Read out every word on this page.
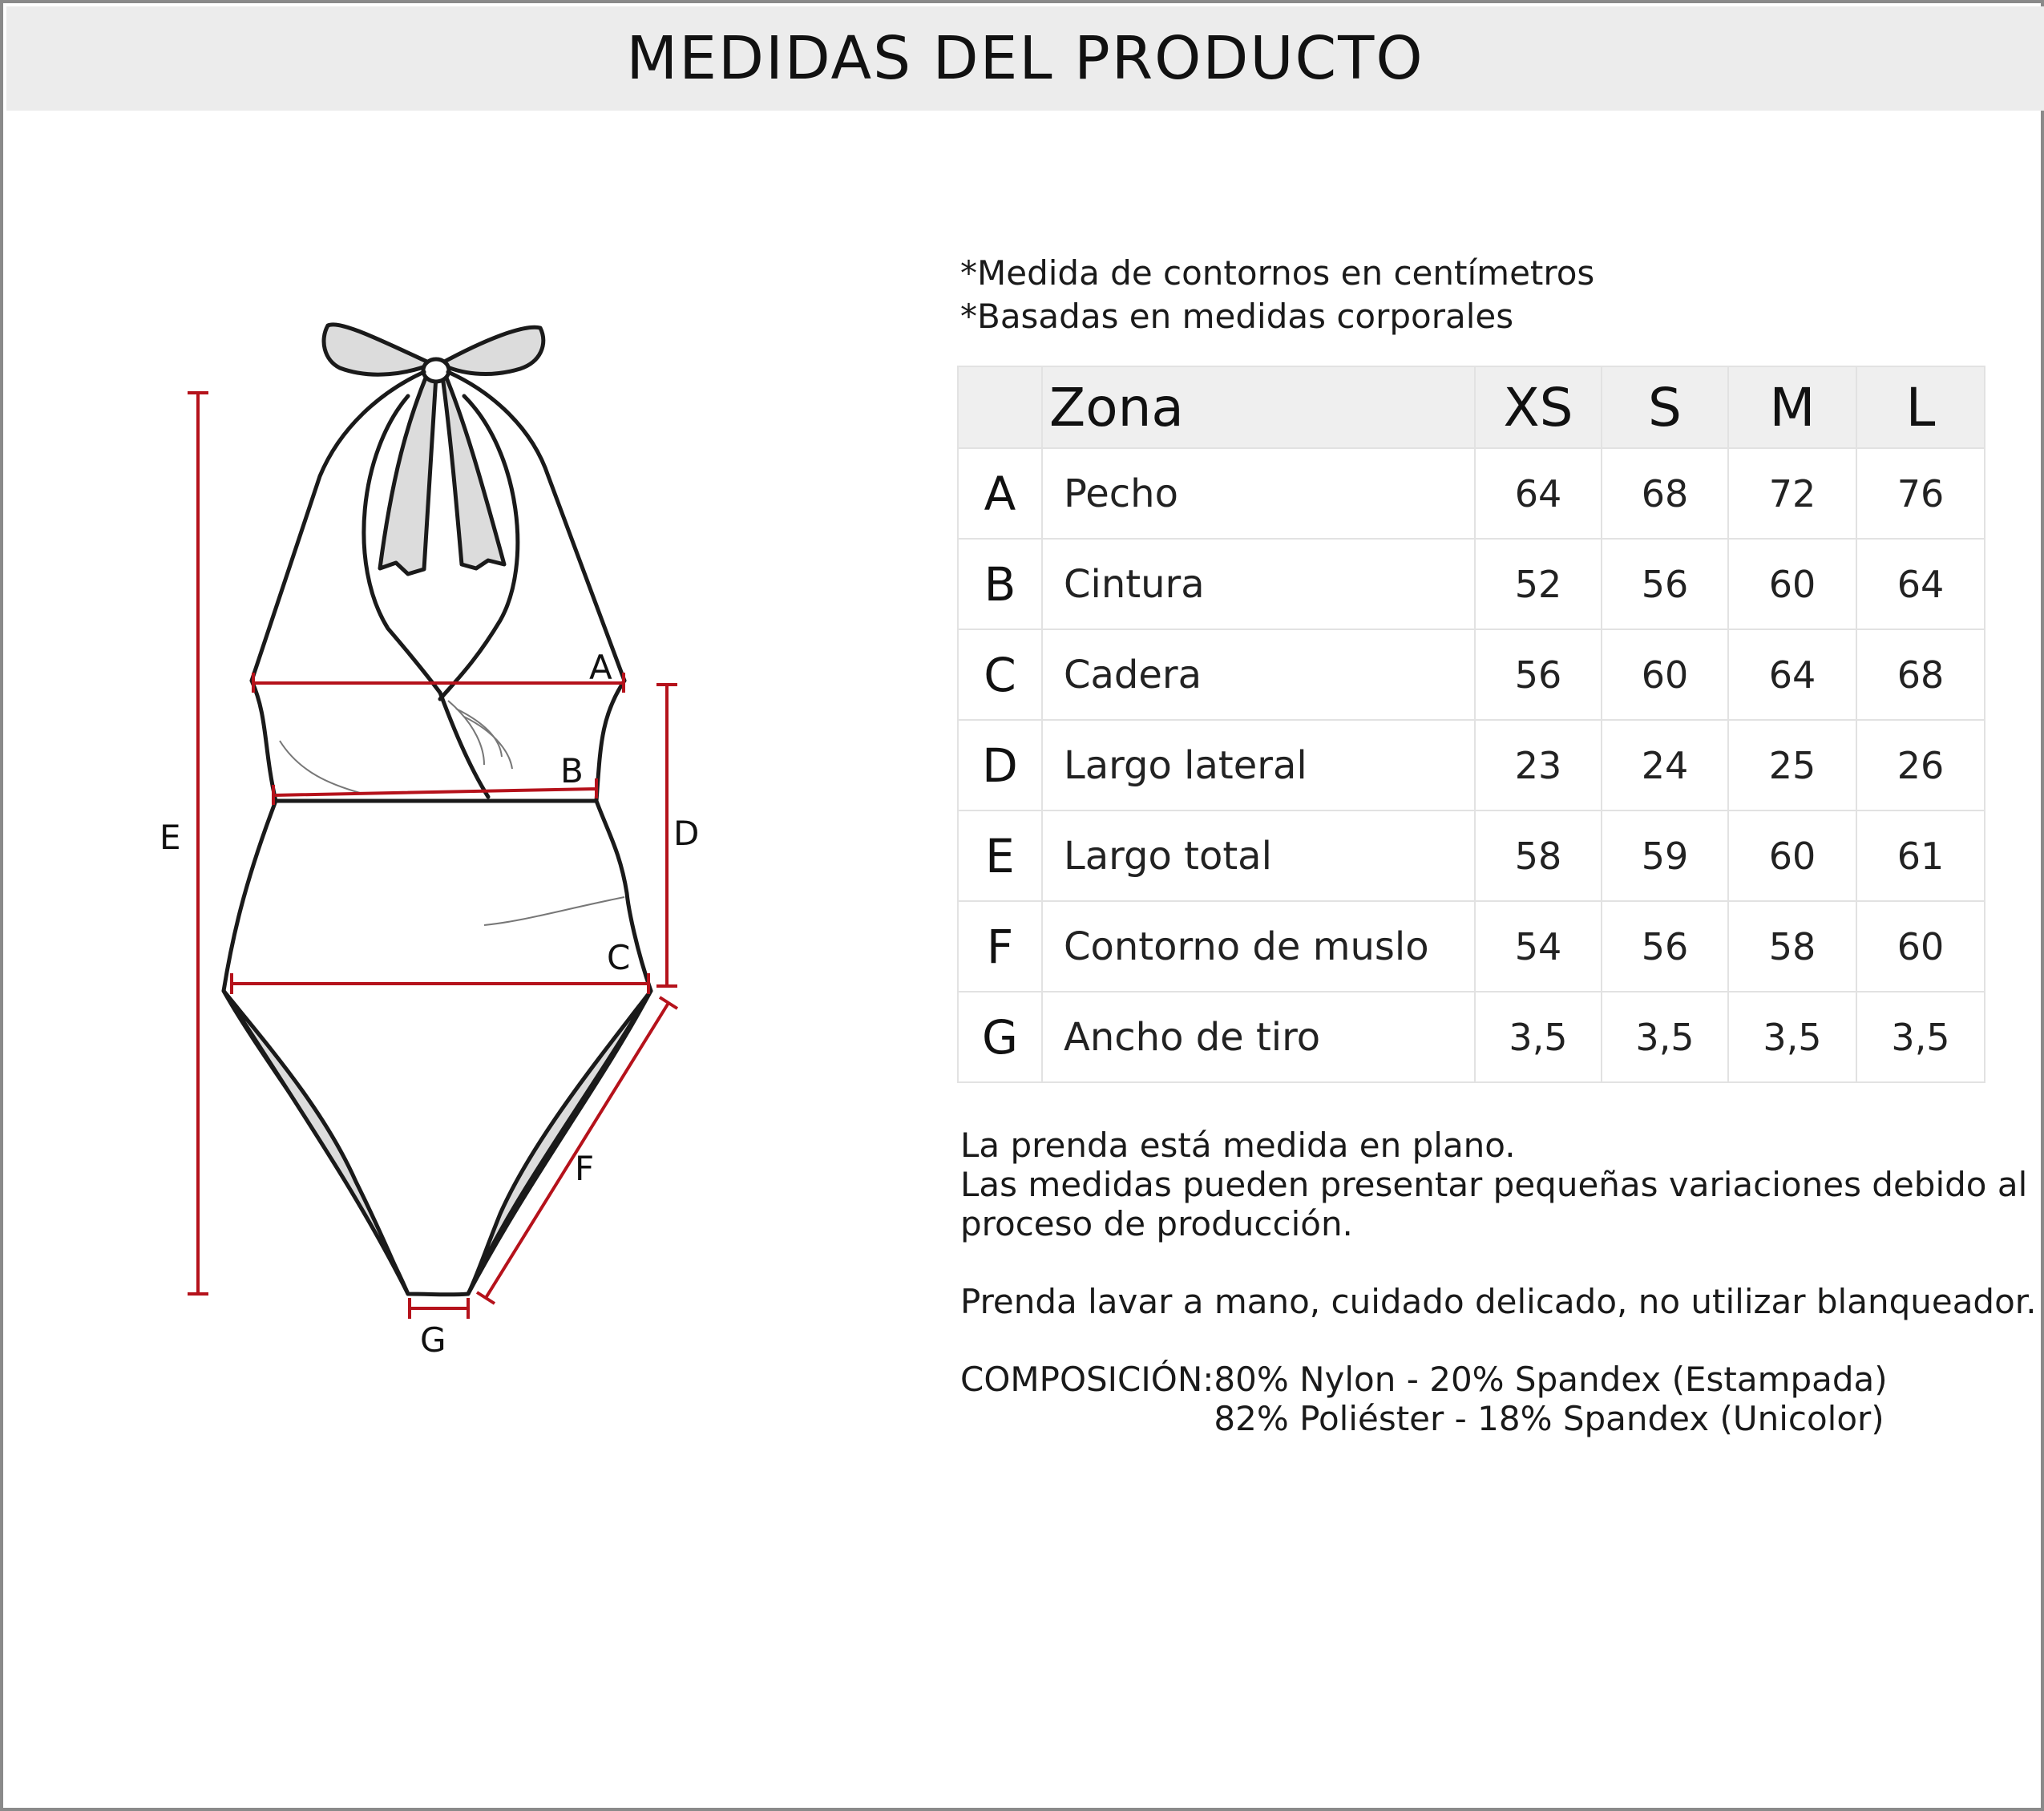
MEDIDAS DEL PRODUCTO
A
B
C
D
E
F
G
*Medida de contornos en centímetros
*Basadas en medidas corporales
	Zona	XS	S	M	L
A	Pecho	64	68	72	76
B	Cintura	52	56	60	64
C	Cadera	56	60	64	68
D	Largo lateral	23	24	25	26
E	Largo total	58	59	60	61
F	Contorno de muslo	54	56	58	60
G	Ancho de tiro	3,5	3,5	3,5	3,5

La prenda está medida en plano.

Las medidas pueden presentar pequeñas variaciones debido al

proceso de producción.

Prenda lavar a mano, cuidado delicado, no utilizar blanqueador.

COMPOSICIÓN: 80% Nylon - 20% Spandex (Estampada)
82% Poliéster - 18% Spandex (Unicolor)
